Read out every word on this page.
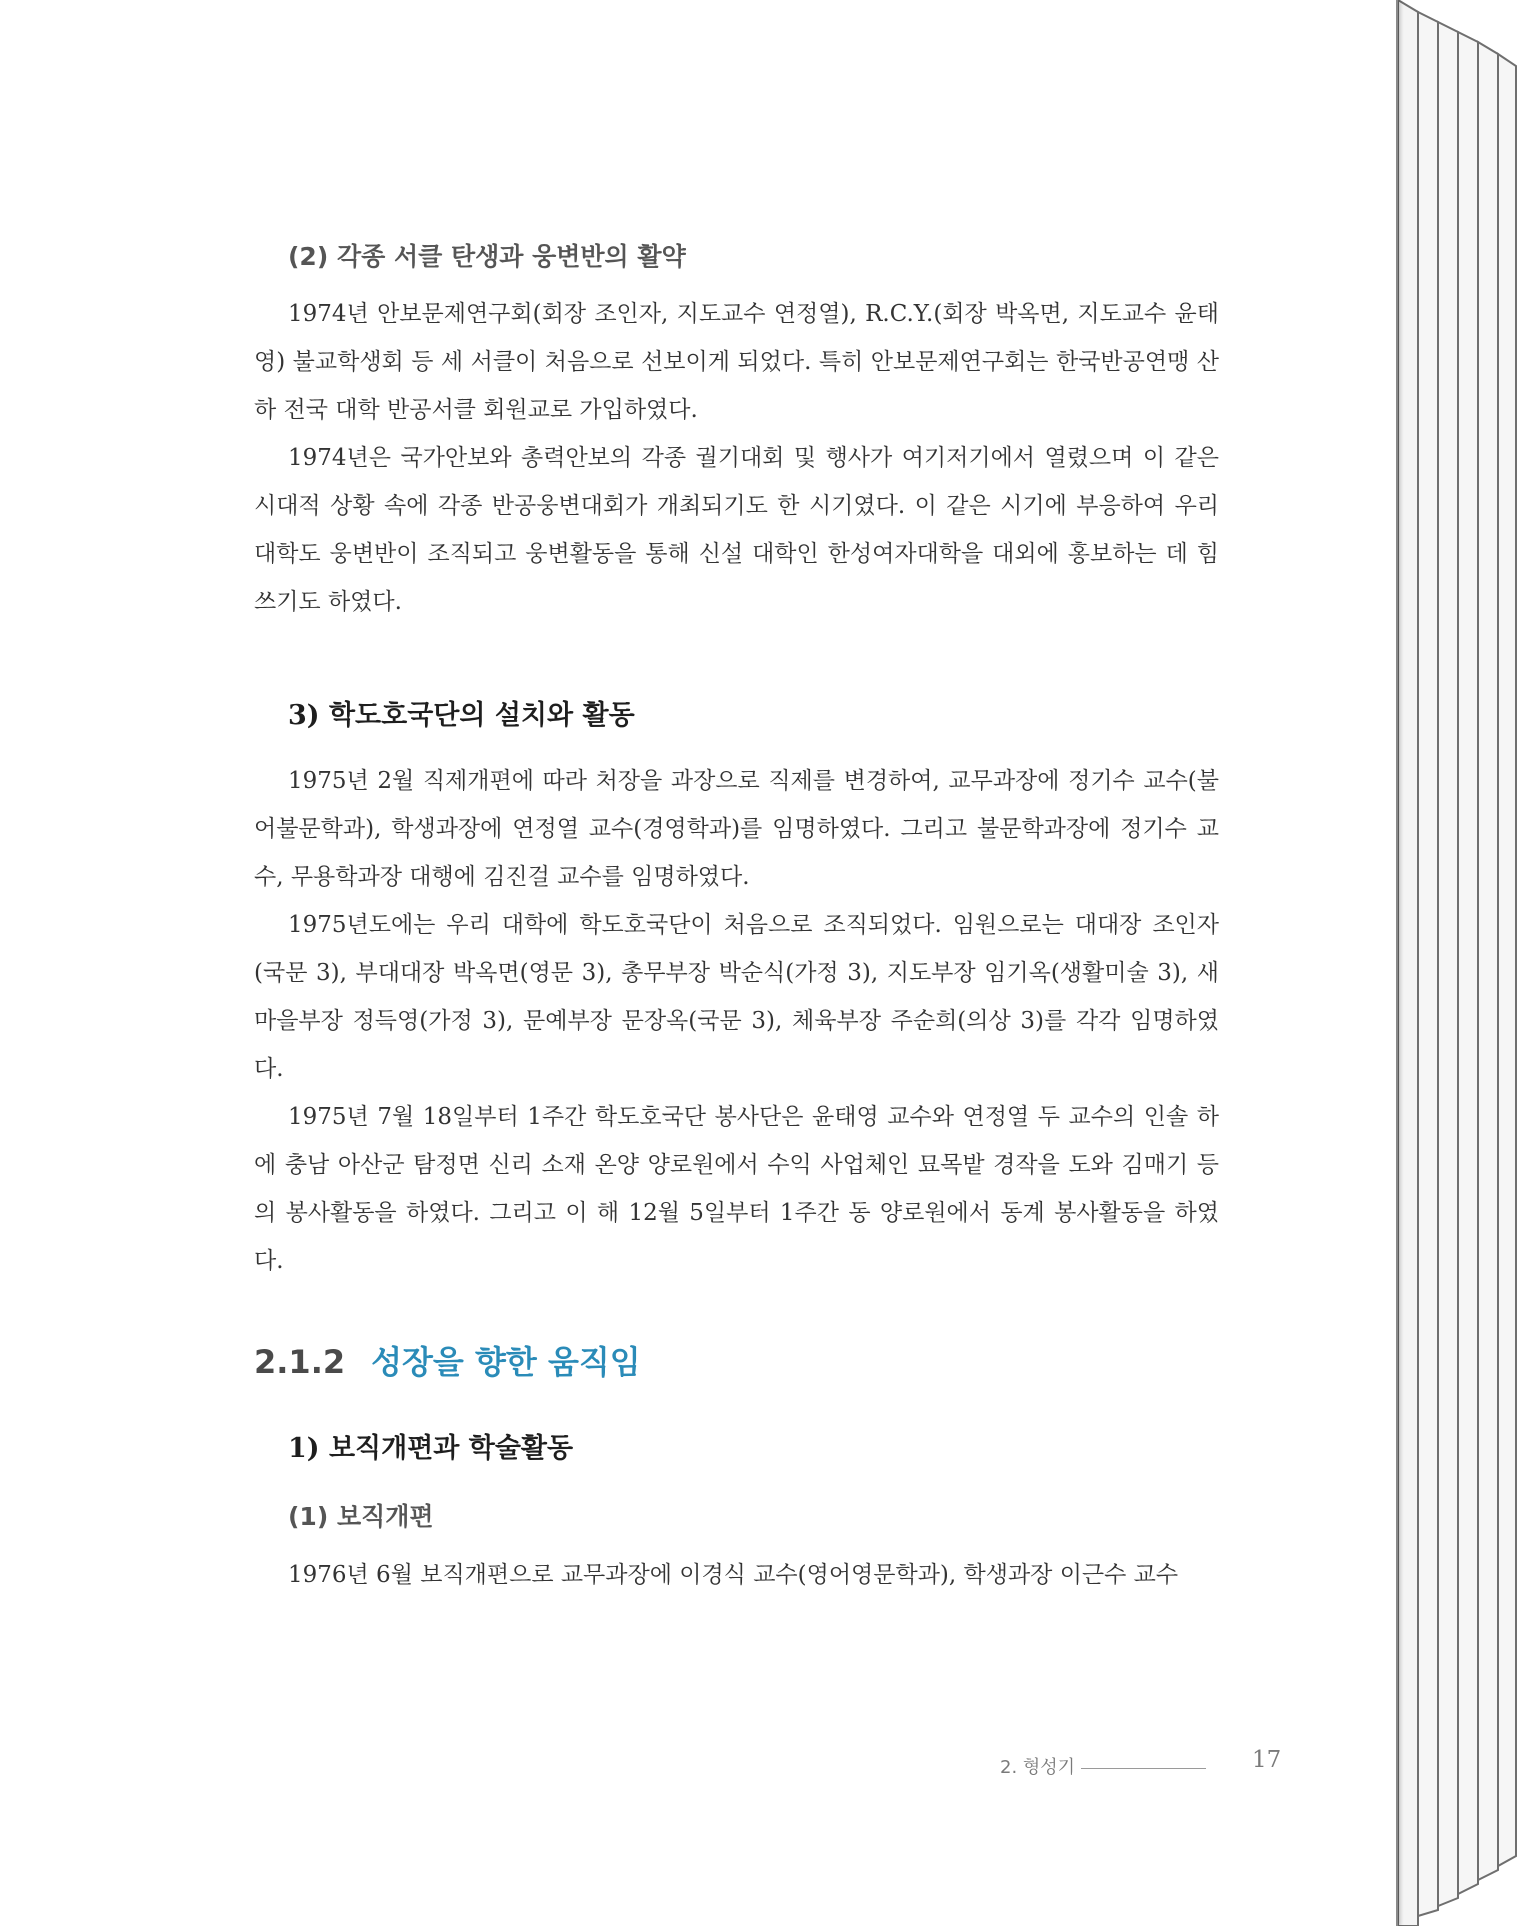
(2) 각종 서클 탄생과 웅변반의 활약

1974년 안보문제연구회(회장 조인자, 지도교수 연정열), R.C.Y.(회장 박옥면, 지도교수 윤태영) 불교학생회 등 세 서클이 처음으로 선보이게 되었다. 특히 안보문제연구회는 한국반공연맹 산하 전국 대학 반공서클 회원교로 가입하였다.

1974년은 국가안보와 총력안보의 각종 궐기대회 및 행사가 여기저기에서 열렸으며 이 같은 시대적 상황 속에 각종 반공웅변대회가 개최되기도 한 시기였다. 이 같은 시기에 부응하여 우리 대학도 웅변반이 조직되고 웅변활동을 통해 신설 대학인 한성여자대학을 대외에 홍보하는 데 힘쓰기도 하였다.

3) 학도호국단의 설치와 활동

1975년 2월 직제개편에 따라 처장을 과장으로 직제를 변경하여, 교무과장에 정기수 교수(불어불문학과), 학생과장에 연정열 교수(경영학과)를 임명하였다. 그리고 불문학과장에 정기수 교수, 무용학과장 대행에 김진걸 교수를 임명하였다.

1975년도에는 우리 대학에 학도호국단이 처음으로 조직되었다. 임원으로는 대대장 조인자(국문 3), 부대대장 박옥면(영문 3), 총무부장 박순식(가정 3), 지도부장 임기옥(생활미술 3), 새마을부장 정득영(가정 3), 문예부장 문장옥(국문 3), 체육부장 주순희(의상 3)를 각각 임명하였다.

1975년 7월 18일부터 1주간 학도호국단 봉사단은 윤태영 교수와 연정열 두 교수의 인솔 하에 충남 아산군 탐정면 신리 소재 온양 양로원에서 수익 사업체인 묘목밭 경작을 도와 김매기 등의 봉사활동을 하였다. 그리고 이 해 12월 5일부터 1주간 동 양로원에서 동계 봉사활동을 하였다.

2.1.2 성장을 향한 움직임
1) 보직개편과 학술활동
(1) 보직개편

1976년 6월 보직개편으로 교무과장에 이경식 교수(영어영문학과), 학생과장 이근수 교수

2. 형성기	17
